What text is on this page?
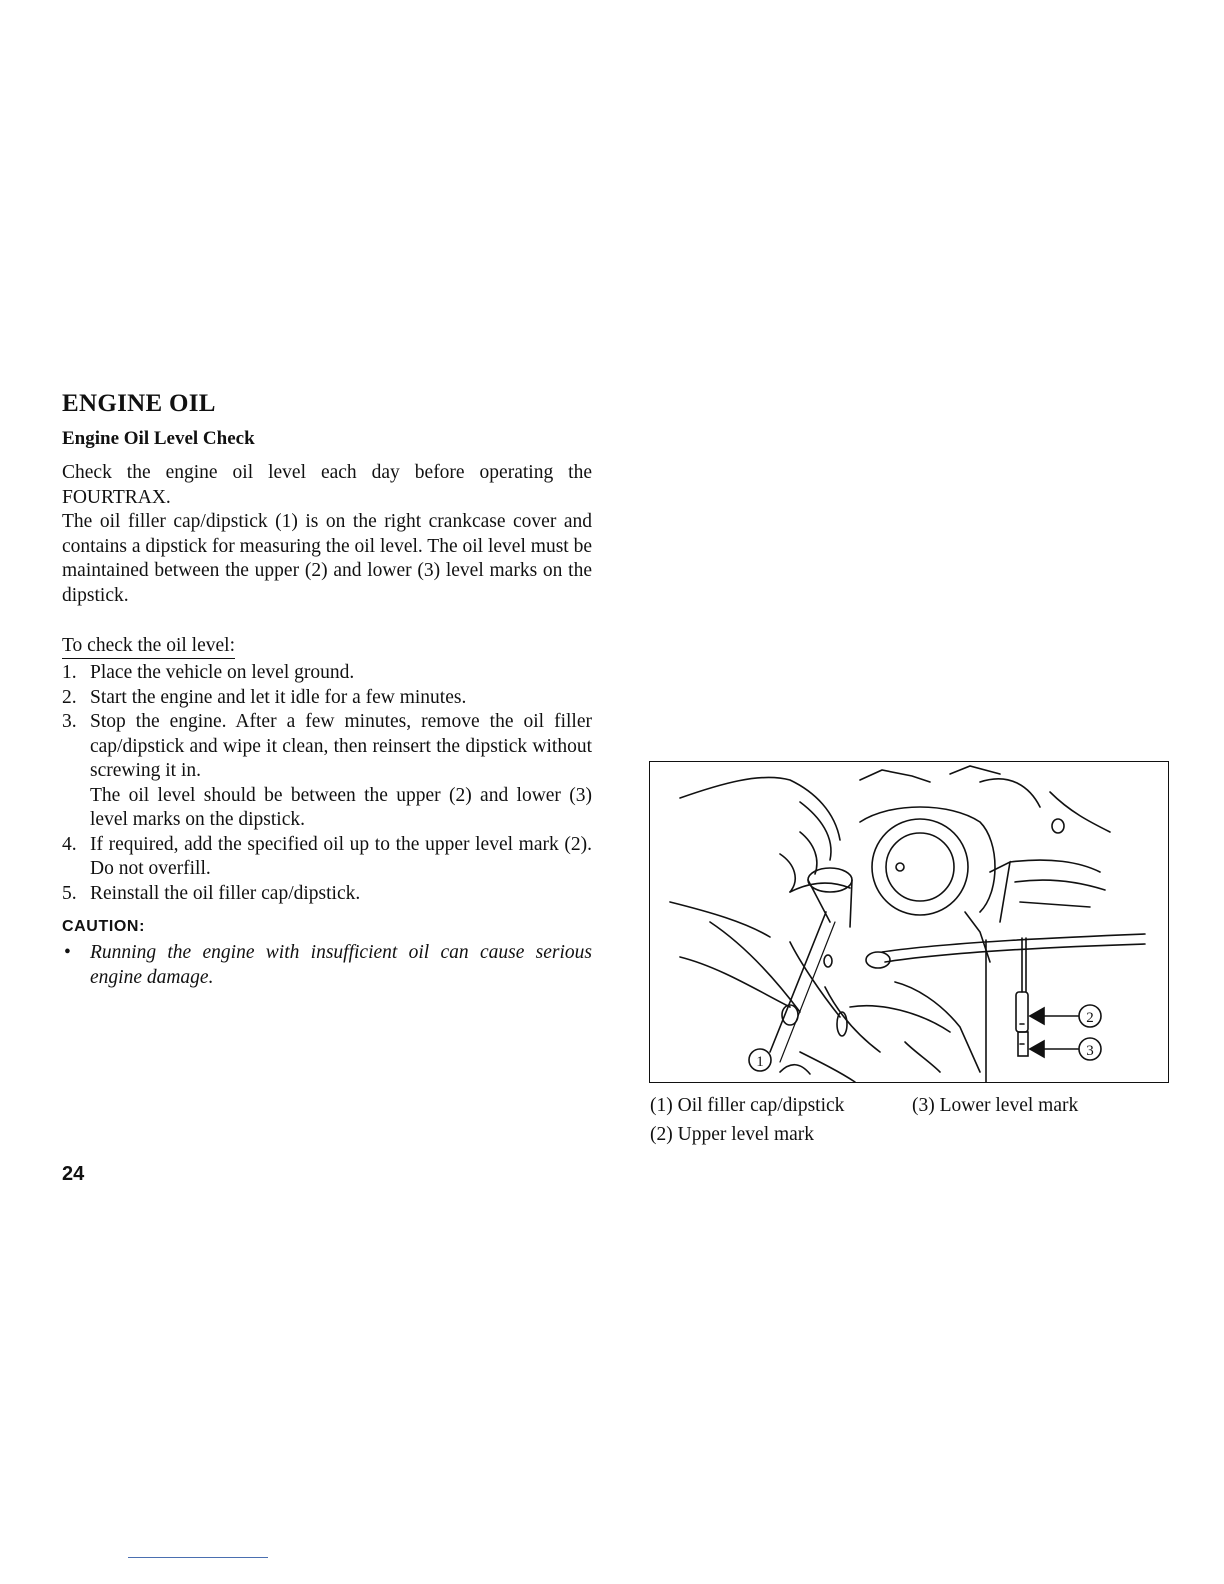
ENGINE OIL
Engine Oil Level Check

Check the engine oil level each day before operating the FOURTRAX.

The oil filler cap/dipstick (1) is on the right crankcase cover and contains a dipstick for measuring the oil level. The oil level must be maintained between the upper (2) and lower (3) level marks on the dipstick.

To check the oil level:
1. Place the vehicle on level ground.
2. Start the engine and let it idle for a few minutes.
3. Stop the engine. After a few minutes, remove the oil filler cap/dipstick and wipe it clean, then reinsert the dipstick without screwing it in.
The oil level should be between the upper (2) and lower (3) level marks on the dipstick.
4. If required, add the specified oil up to the upper level mark (2). Do not overfill.
5. Reinstall the oil filler cap/dipstick.
CAUTION:
• Running the engine with insufficient oil can cause serious engine damage.
24
2
3
1
(1) Oil filler cap/dipstick	(3) Lower level mark
(2) Upper level mark
